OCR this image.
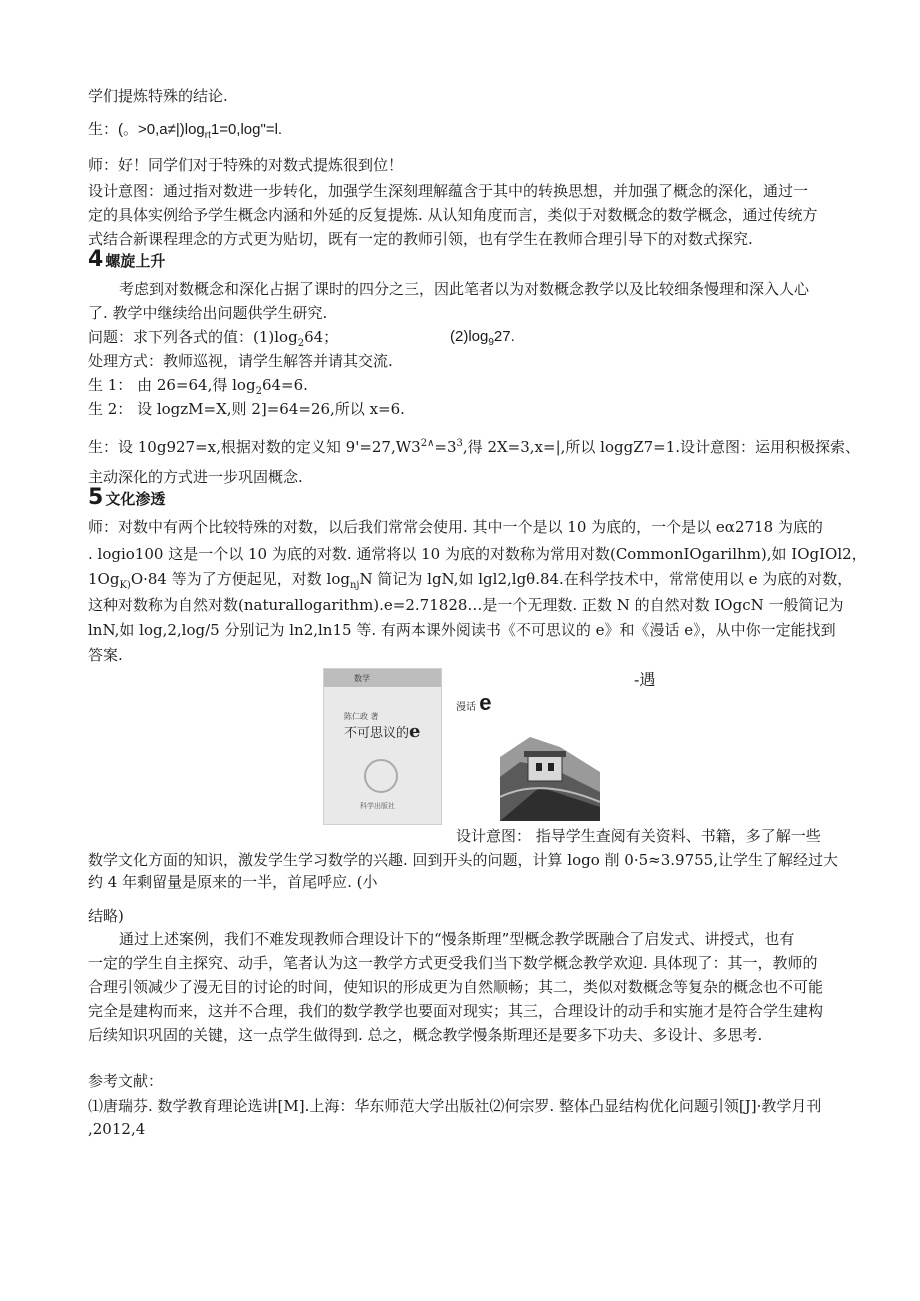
学们提炼特殊的结论.
生：(。$>0,a\ne|)\log_{rt}1=0,\log"=l$.
师：好！同学们对于特殊的对数式提炼很到位！
设计意图：通过指对数进一步转化，加强学生深刻理解蕴含于其中的转换思想，并加强了概念的深化，通过一
定的具体实例给予学生概念内涵和外延的反复提炼. 从认知角度而言，类似于对数概念的数学概念，通过传统方
式结合新课程理念的方式更为贴切，既有一定的教师引领，也有学生在教师合理引导下的对数式探究.
4 螺旋上升
考虑到对数概念和深化占据了课时的四分之三，因此笔者以为对数概念教学以及比较细条慢理和深入人心
了. 教学中继续给出问题供学生研究.
问题：求下列各式的值：$(1)\log_264$；	$(2)\log_927$.
处理方式：教师巡视，请学生解答并请其交流.
生 1： 由 26=64,得 $\log_264=6$.
生 2： 设 logzM=X,则 2]=64=26,所以 x=6.
生：设 10g927=x,根据对数的定义知 $9'=27,W3^{2\wedge}=3^3$,得 2X=3,x=|,所以 loggZ7=1.设计意图：运用积极探索、
主动深化的方式进一步巩固概念.
5 文化渗透
师：对数中有两个比较特殊的对数，以后我们常常会使用. 其中一个是以 10 为底的，一个是以 eα2718 为底的
. logio100 这是一个以 10 为底的对数. 通常将以 10 为底的对数称为常用对数(CommonIOgarilhm),如 IOgIOl2，
$1Og_{K)}O\cdot 84$ 等为了方便起见，对数 $\log_{nj}N$ 简记为 lgN,如 lgl2,lgθ.84.在科学技术中，常常使用以 e 为底的对数，
这种对数称为自然对数(naturallogarithm).e=2.71828…是一个无理数. 正数 N 的自然对数 IOgcN 一般简记为
lnN,如 log,2,log/5 分别记为 ln2,ln15 等. 有两本课外阅读书《不可思议的 e》和《漫话 e》，从中你一定能找到
答案.
数学
陈仁政 著
不可思议的e
科学出版社
-遇
漫话 e
设计意图： 指导学生查阅有关资料、书籍，多了解一些
数学文化方面的知识，激发学生学习数学的兴趣. 回到开头的问题，计算 logo 削 0·5≈3.9755,让学生了解经过大
约 4 年剩留量是原来的一半，首尾呼应. (小
结略)
通过上述案例，我们不难发现教师合理设计下的“慢条斯理”型概念教学既融合了启发式、讲授式，也有
一定的学生自主探究、动手，笔者认为这一教学方式更受我们当下数学概念教学欢迎. 具体现了：其一，教师的
合理引领减少了漫无目的讨论的时间，使知识的形成更为自然顺畅；其二，类似对数概念等复杂的概念也不可能
完全是建构而来，这并不合理，我们的数学教学也要面对现实；其三，合理设计的动手和实施才是符合学生建构
后续知识巩固的关键，这一点学生做得到. 总之，概念教学慢条斯理还是要多下功夫、多设计、多思考.
参考文献：
⑴唐瑞芬. 数学教育理论选讲[M].上海：华东师范大学出版社⑵何宗罗. 整体凸显结构优化问题引领[J]·教学月刊
,2012,4
